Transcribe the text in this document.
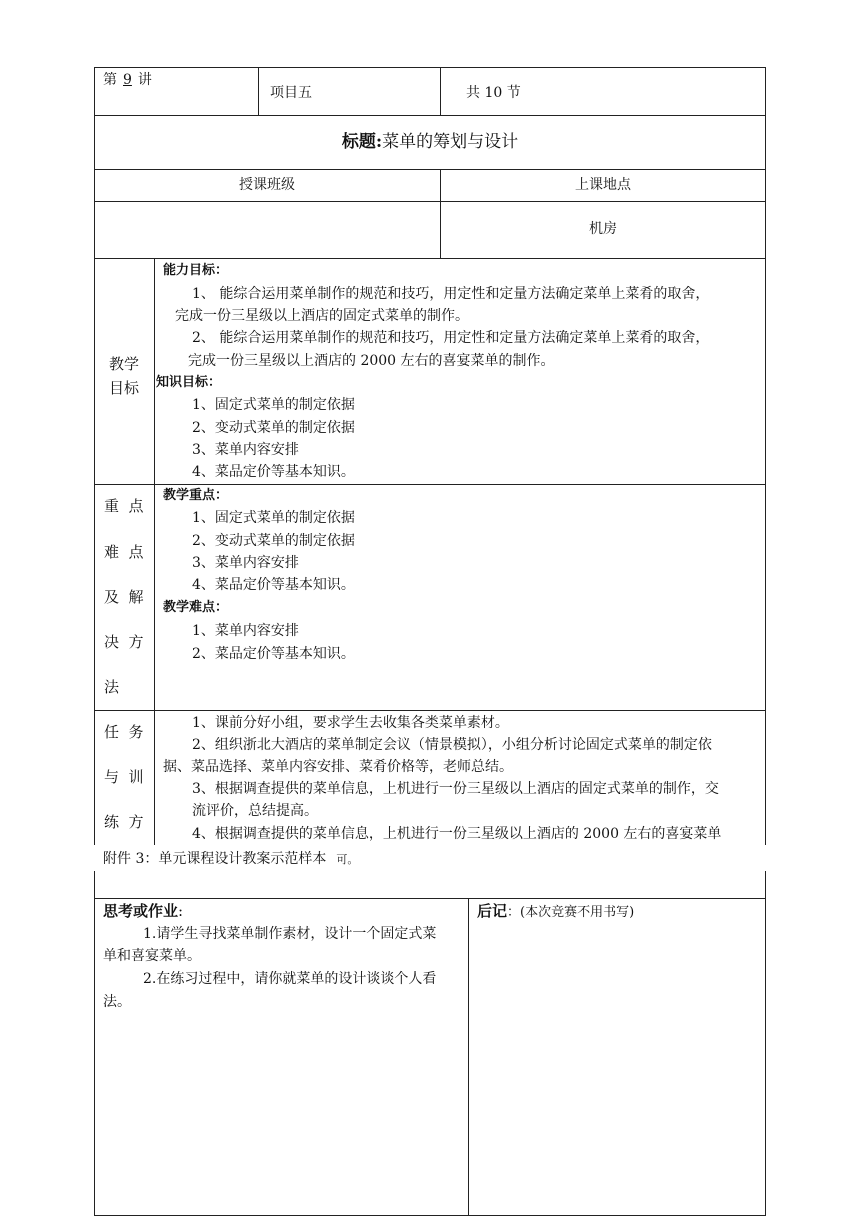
第 9 讲
项目五	共 10 节
标题:菜单的筹划与设计
授课班级	上课地点
机房
教学
目标
能力目标：
1、 能综合运用菜单制作的规范和技巧，用定性和定量方法确定菜单上菜肴的取舍，
完成一份三星级以上酒店的固定式菜单的制作。
2、 能综合运用菜单制作的规范和技巧，用定性和定量方法确定菜单上菜肴的取舍，
完成一份三星级以上酒店的 2000 左右的喜宴菜单的制作。
知识目标：
1、固定式菜单的制定依据
2、变动式菜单的制定依据
3、菜单内容安排
4、菜品定价等基本知识。
重  点
难  点
及  解
决  方
法
教学重点：
1、固定式菜单的制定依据
2、变动式菜单的制定依据
3、菜单内容安排
4、菜品定价等基本知识。
教学难点：
1、菜单内容安排
2、菜品定价等基本知识。
任  务
与  训
练  方
1、课前分好小组，要求学生去收集各类菜单素材。
2、组织浙北大酒店的菜单制定会议（情景模拟），小组分析讨论固定式菜单的制定依
据、菜品选择、菜单内容安排、菜肴价格等，老师总结。
3、根据调查提供的菜单信息，上机进行一份三星级以上酒店的固定式菜单的制作，交
流评价，总结提高。
4、根据调查提供的菜单信息，上机进行一份三星级以上酒店的 2000 左右的喜宴菜单
附件 3：单元课程设计教案示范样本 可。
思考或作业:
1.请学生寻找菜单制作素材，设计一个固定式菜
单和喜宴菜单。
2.在练习过程中，请你就菜单的设计谈谈个人看
法。
后记：(本次竞赛不用书写)
